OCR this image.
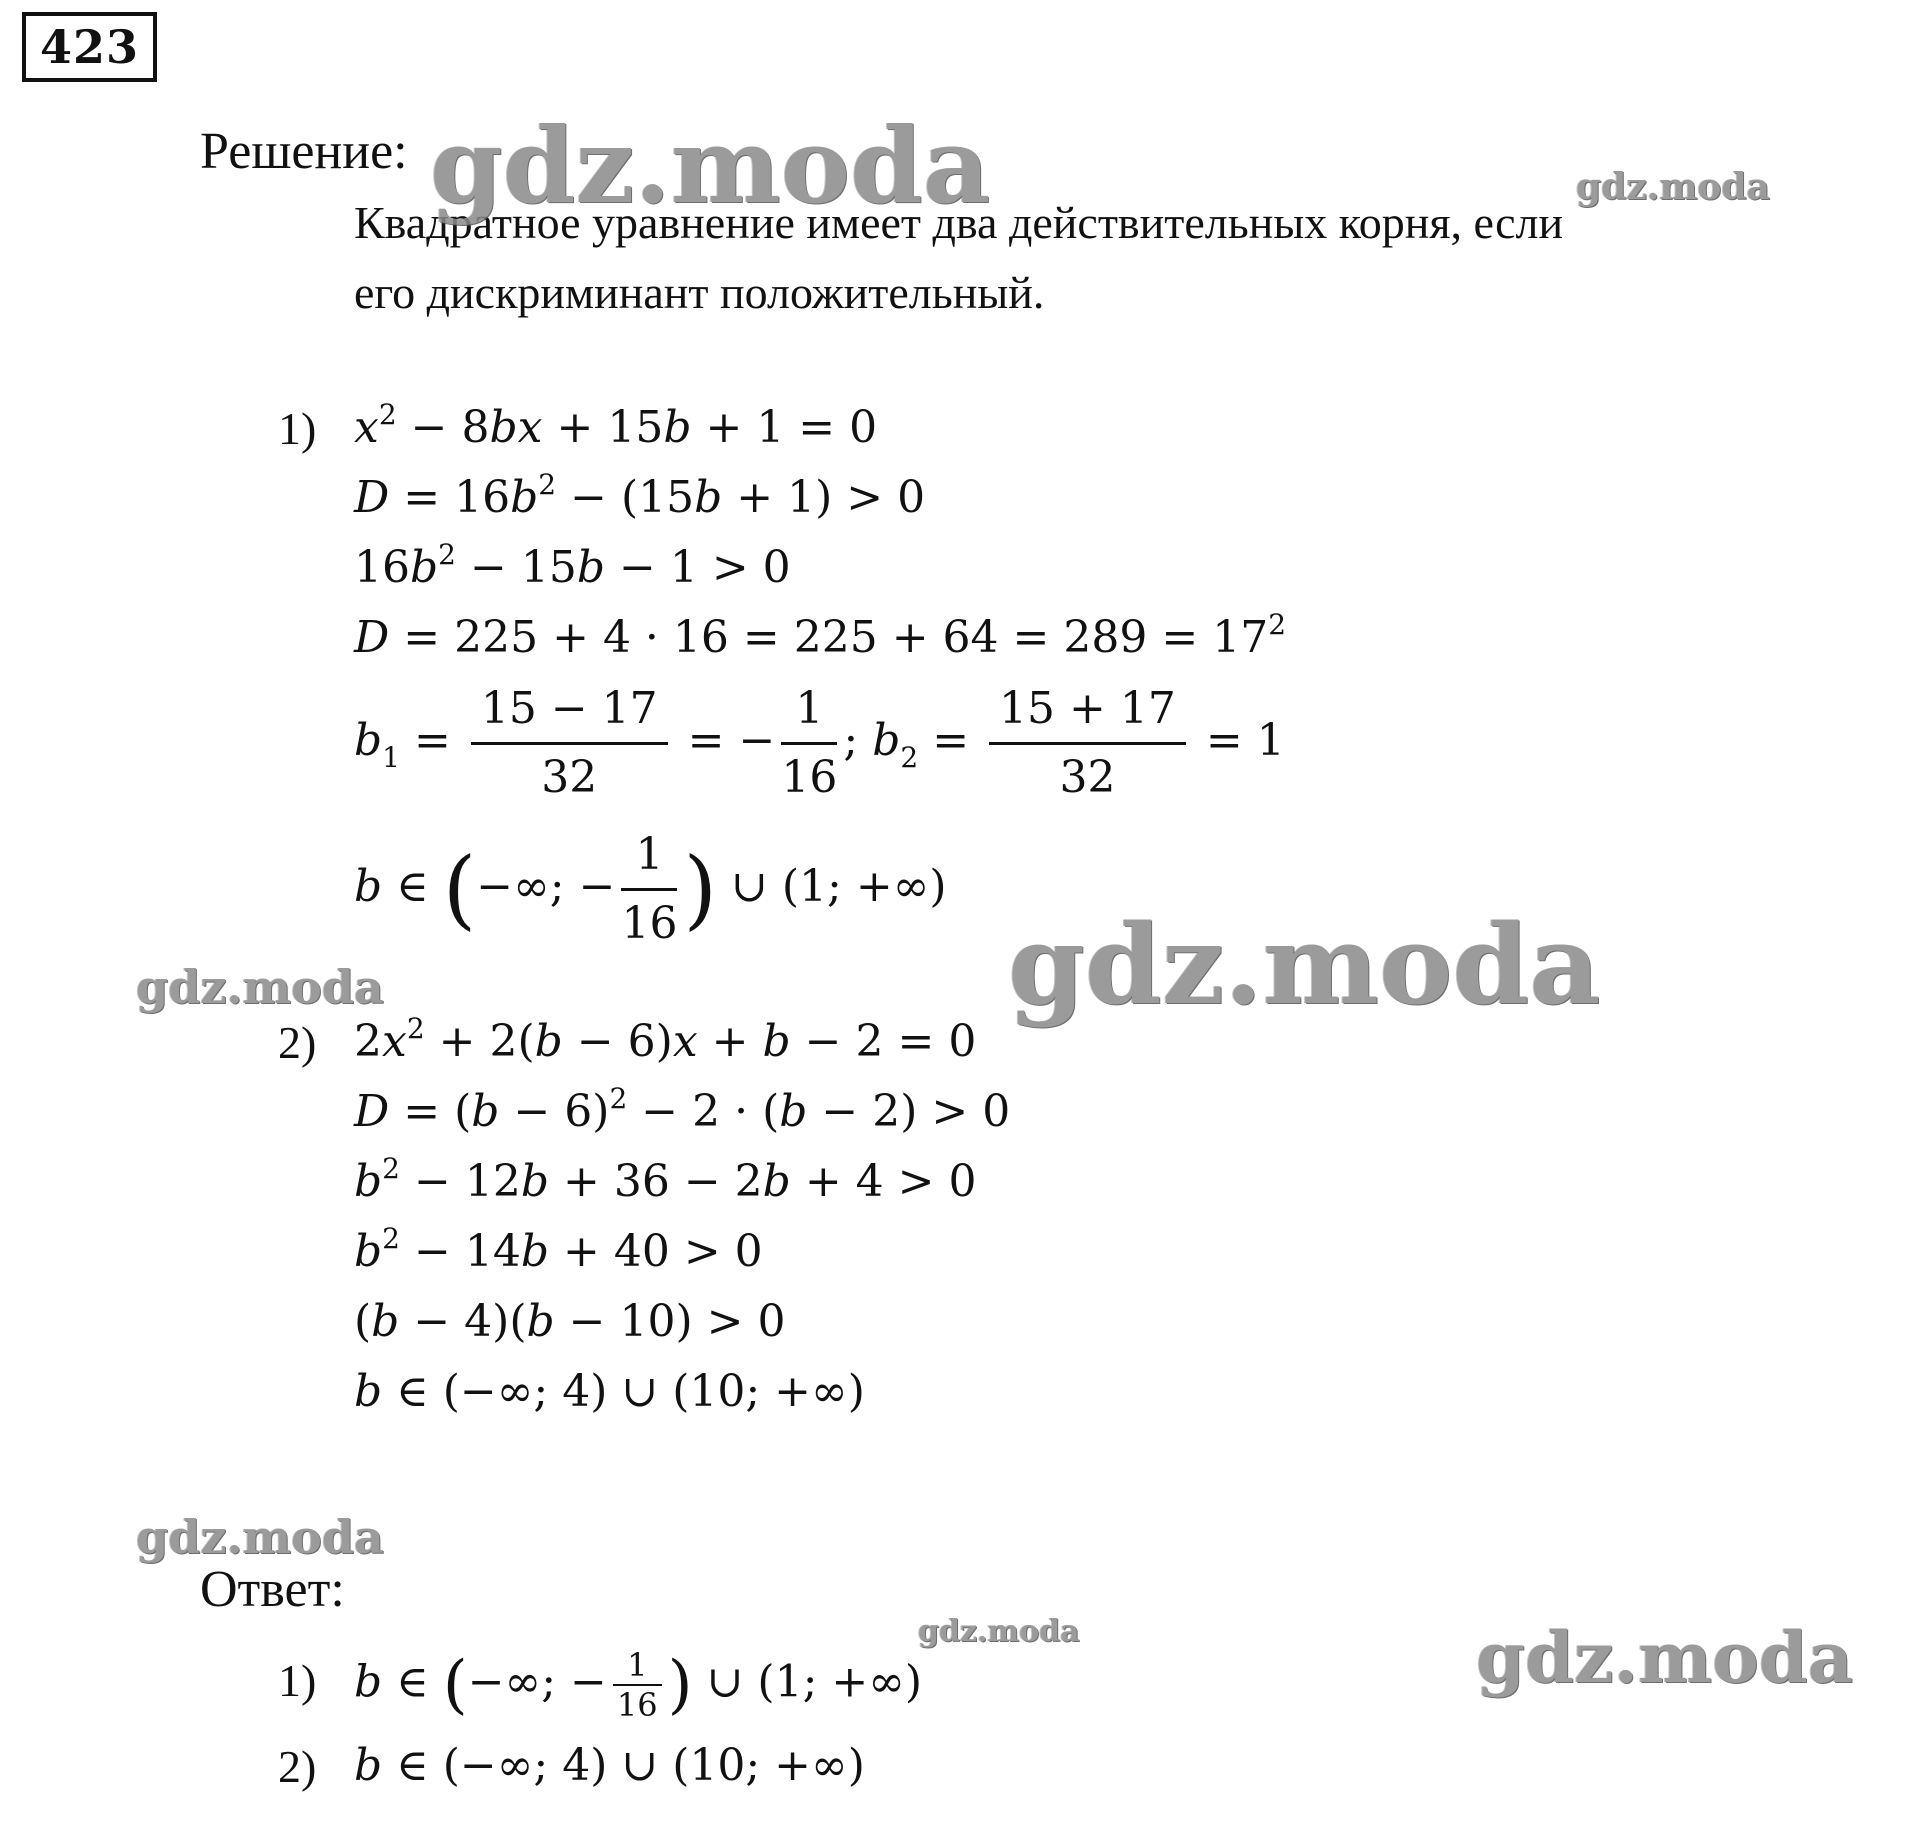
423
Решение:
Квадратное уравнение имеет два действительных корня, если
его дискриминант положительный.
1) $x^2 - 8bx + 15b + 1 = 0$
$D = 16b^2 - (15b + 1) > 0$
$16b^2 - 15b - 1 > 0$
$D = 225 + 4 \cdot 16 = 225 + 64 = 289 = 17^2$
$b_1 = \frac{15 - 17}{32}$ = − $\frac{1}{16}$ ; $b_2 = \frac{15 + 17}{32} = 1$
b ∈ (−∞; − $\frac{1}{16}$ ) ∪ (1; +∞)
2) $2x^2 + 2(b - 6)x + b - 2 = 0$
$D = (b - 6)^2 - 2 \cdot (b - 2) > 0$
$b^2 - 12b + 36 - 2b + 4 > 0$
$b^2 - 14b + 40 > 0$
(b − 4)(b − 10) > 0
b ∈ (−∞; 4) ∪ (10; +∞)
Ответ:
1) b ∈ (−∞; − $\frac{1}{16}$ ) ∪ (1; +∞)
2) b ∈ (−∞; 4) ∪ (10; +∞)
gdz.moda	gdz.moda
gdz.moda
gdz.moda
gdz.moda
gdz.moda	gdz.moda
